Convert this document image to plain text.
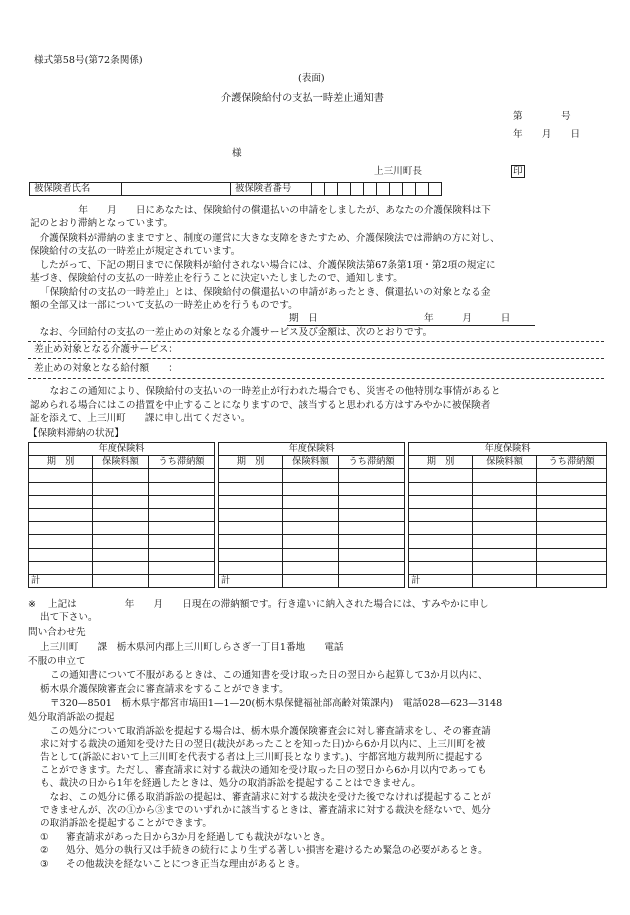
様式第58号(第72条関係)
(表面)
介護保険給付の支払一時差止通知書
第　　　　号
年　　月　　日
様
上三川町長	印
被保険者氏名		被保険者番号										
　　　　年　　月　　日にあなたは、保険給付の償還払いの申請をしましたが、あなたの介護保険料は下
記のとおり滞納となっています。
　介護保険料が滞納のままですと、制度の運営に大きな支障をきたすため、介護保険法では滞納の方に対し、
保険給付の支払の一時差止が規定されています。
　したがって、下記の期日までに保険料が給付されない場合には、介護保険法第67条第1項・第2項の規定に
基づき、保険給付の支払の一時差止を行うことに決定いたしましたので、通知します。
「保険給付の支払の一時差止」とは、保険給付の償還払いの申請があったとき、償還払いの対象となる金
額の全部又は一部について支払の一時差止めを行うものです。
期　日	年　　　月　　　日
　なお、今回給付の支払の一差止めの対象となる介護サービス及び金額は、次のとおりです。
差止め対象となる介護サービス：
差止めの対象となる給付額　　：
　なおこの通知により、保険給付の支払いの一時差止が行われた場合でも、災害その他特別な事情があると
認められる場合にはこの措置を中止することになりますので、該当すると思われる方はすみやかに被保険者
証を添えて、上三川町　　課に申し出てください。
【保険料滞納の状況】
年度保険料				年度保険料				年度保険料		
期　別	保険料額	うち滞納額		期　別	保険料額	うち滞納額		期　別	保険料額	うち滞納額

計				計				計		
※ 上記は　　　　　年　　月　　日現在の滞納額です。行き違いに納入された場合には、すみやかに申し
出て下さい。
問い合わせ先
上三川町　　課　栃木県河内郡上三川町しらさぎ一丁目1番地　　電話
不服の申立て
この通知書について不服があるときは、この通知書を受け取った日の翌日から起算して3か月以内に、
栃木県介護保険審査会に審査請求をすることができます。
〒320—8501　栃木県宇都宮市塙田1—1—20(栃木県保健福祉部高齢対策課内)　電話028—623—3148
処分取消訴訟の提起
　この処分について取消訴訟を提起する場合は、栃木県介護保険審査会に対し審査請求をし、その審査請
求に対する裁決の通知を受けた日の翌日(裁決があったことを知った日)から6か月以内に、上三川町を被
告として(訴訟において上三川町を代表する者は上三川町長となります。)、宇都宮地方裁判所に提起する
ことができます。ただし、審査請求に対する裁決の通知を受け取った日の翌日から6か月以内であっても
も、裁決の日から1年を経過したときは、処分の取消訴訟を提起することはできません。
　なお、この処分に係る取消訴訟の提起は、審査請求に対する裁決を受けた後でなければ提起することが
できませんが、次の①から③までのいずれかに該当するときは、審査請求に対する裁決を経ないで、処分
の取消訴訟を提起することができます。
① 審査請求があった日から3か月を経過しても裁決がないとき。
② 処分、処分の執行又は手続きの続行により生ずる著しい損害を避けるため緊急の必要があるとき。
③ その他裁決を経ないことにつき正当な理由があるとき。
